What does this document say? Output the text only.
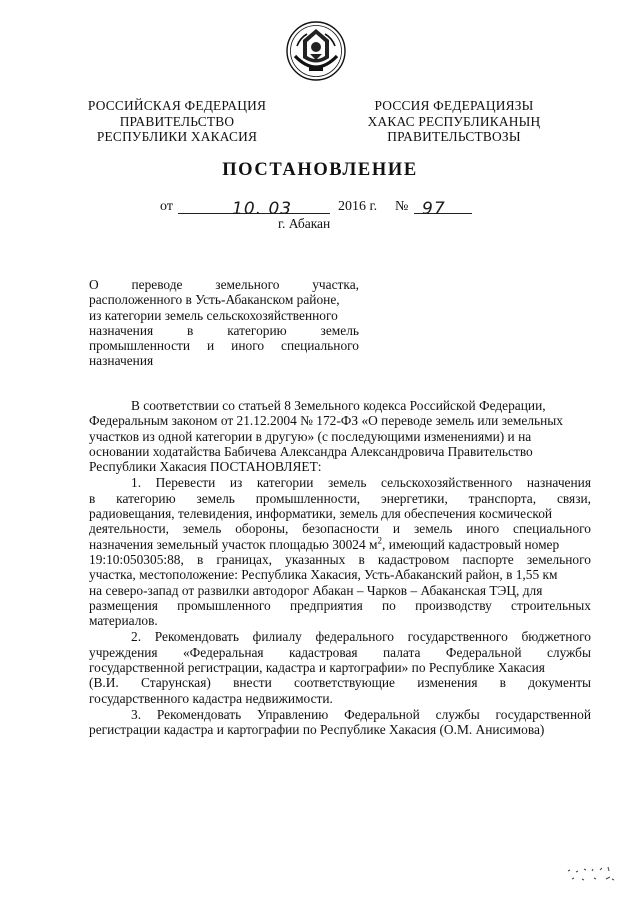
РОССИЙСКАЯ ФЕДЕРАЦИЯ
ПРАВИТЕЛЬСТВО
РЕСПУБЛИКИ ХАКАСИЯ
РОССИЯ ФЕДЕРАЦИЯЗЫ
ХАКАС РЕСПУБЛИКАНЫҢ
ПРАВИТЕЛЬСТВОЗЫ
ПОСТАНОВЛЕНИЕ
от	10. 03	2016 г. № 97
г. Абакан
О переводе земельного участка,
расположенного в Усть-Абаканском районе,
из категории земель сельскохозяйственного
назначения в категорию земель
промышленности и иного специального
назначения
В соответствии со статьей 8 Земельного кодекса Российской Федерации,
Федеральным законом от 21.12.2004 № 172-ФЗ «О переводе земель или земельных
участков из одной категории в другую» (с последующими изменениями) и на
основании ходатайства Бабичева Александра Александровича Правительство
Республики Хакасия ПОСТАНОВЛЯЕТ:
1. Перевести из категории земель сельскохозяйственного назначения
в категорию земель промышленности, энергетики, транспорта, связи,
радиовещания, телевидения, информатики, земель для обеспечения космической
деятельности, земель обороны, безопасности и земель иного специального
назначения земельный участок площадью 30024 $м^2$, имеющий кадастровый номер
19:10:050305:88, в границах, указанных в кадастровом паспорте земельного
участка, местоположение: Республика Хакасия, Усть-Абаканский район, в 1,55 км
на северо-запад от развилки автодорог Абакан – Чарков – Абаканская ТЭЦ, для
размещения промышленного предприятия по производству строительных
материалов.
2. Рекомендовать филиалу федерального государственного бюджетного
учреждения «Федеральная кадастровая палата Федеральной службы
государственной регистрации, кадастра и картографии» по Республике Хакасия
(В.И. Старунская) внести соответствующие изменения в документы
государственного кадастра недвижимости.
3. Рекомендовать Управлению Федеральной службы государственной
регистрации кадастра и картографии по Республике Хакасия (О.М. Анисимова)
